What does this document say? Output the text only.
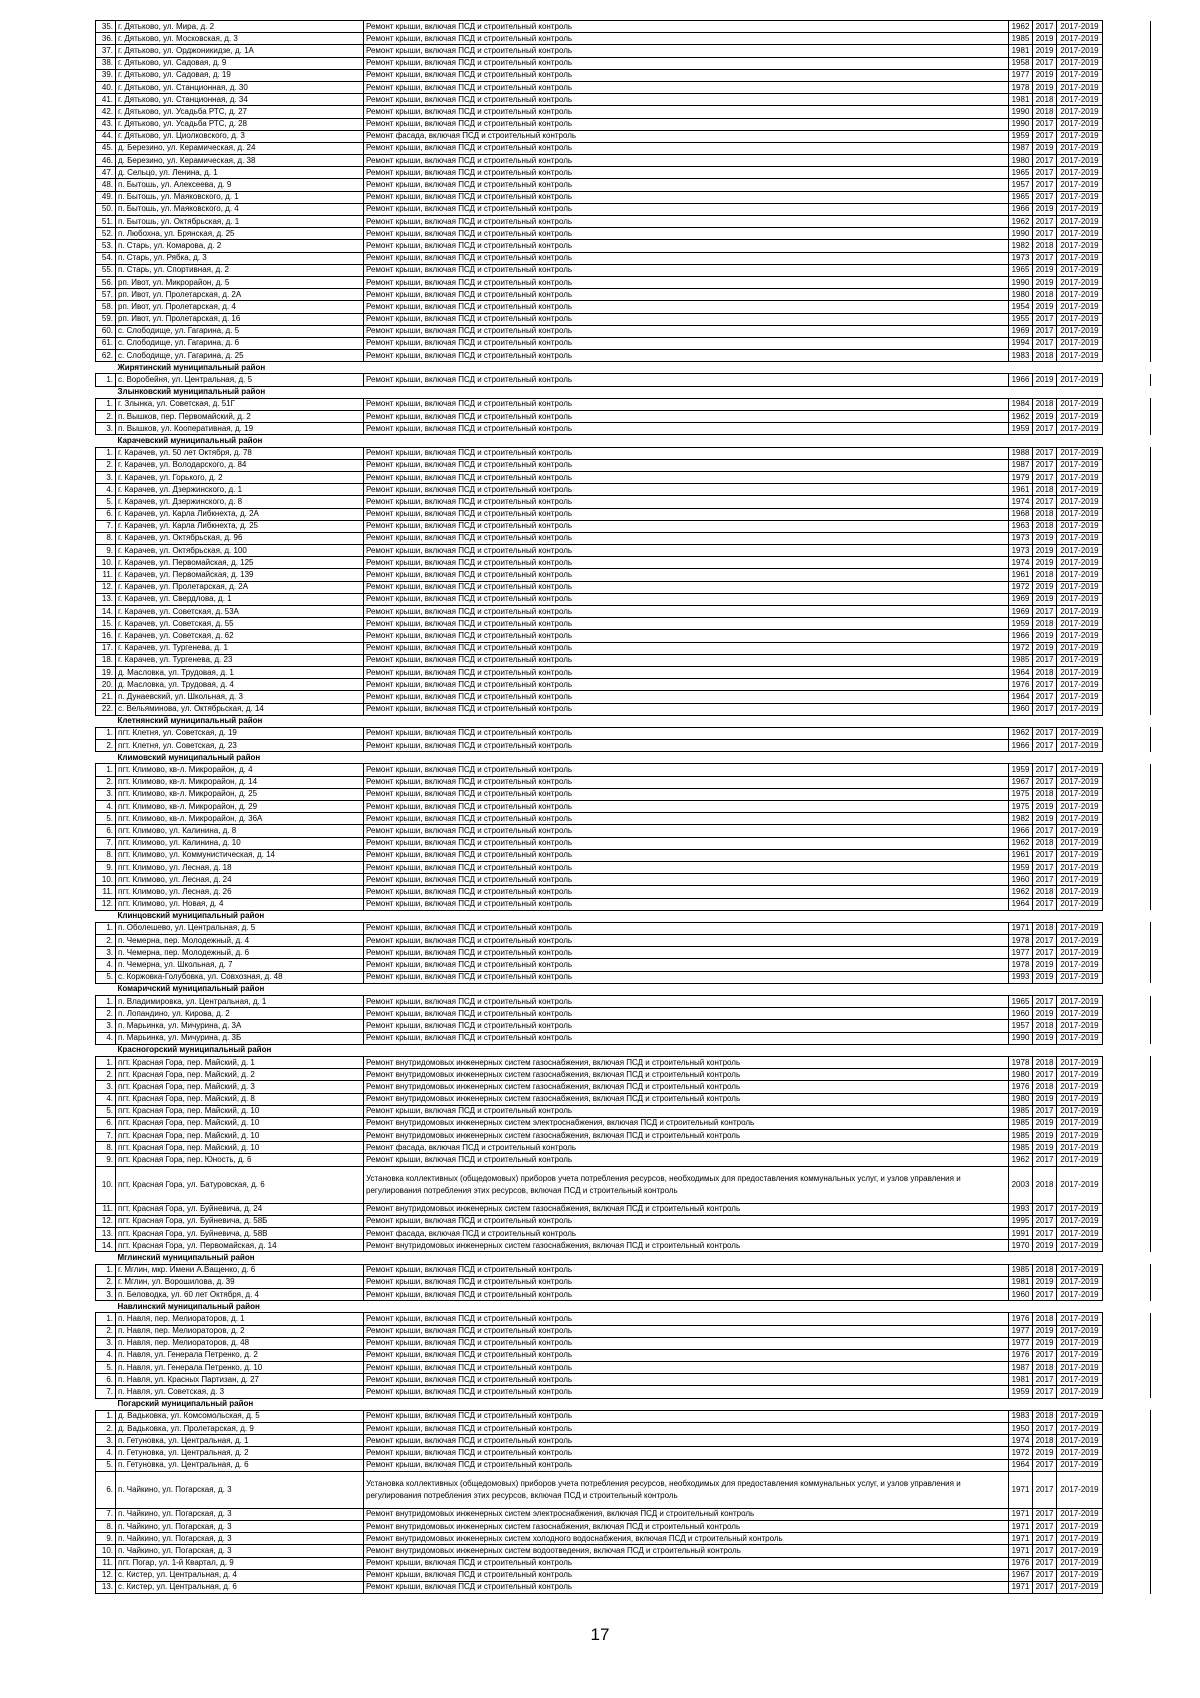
35.	г. Дятьково, ул. Мира, д. 2	Ремонт крыши, включая ПСД и строительный контроль	1962	2017	2017-2019	
36.	г. Дятьково, ул. Московская, д. 3	Ремонт крыши, включая ПСД и строительный контроль	1985	2019	2017-2019	
37.	г. Дятьково, ул. Орджоникидзе, д. 1А	Ремонт крыши, включая ПСД и строительный контроль	1981	2019	2017-2019	
38.	г. Дятьково, ул. Садовая, д. 9	Ремонт крыши, включая ПСД и строительный контроль	1958	2017	2017-2019	
39.	г. Дятьково, ул. Садовая, д. 19	Ремонт крыши, включая ПСД и строительный контроль	1977	2019	2017-2019	
40.	г. Дятьково, ул. Станционная, д. 30	Ремонт крыши, включая ПСД и строительный контроль	1978	2019	2017-2019	
41.	г. Дятьково, ул. Станционная, д. 34	Ремонт крыши, включая ПСД и строительный контроль	1981	2018	2017-2019	
42.	г. Дятьково, ул. Усадьба РТС, д. 27	Ремонт крыши, включая ПСД и строительный контроль	1990	2018	2017-2019	
43.	г. Дятьково, ул. Усадьба РТС, д. 28	Ремонт крыши, включая ПСД и строительный контроль	1990	2017	2017-2019	
44.	г. Дятьково, ул. Циолковского, д. 3	Ремонт фасада, включая ПСД и строительный контроль	1959	2017	2017-2019	
45.	д. Березино, ул. Керамическая, д. 24	Ремонт крыши, включая ПСД и строительный контроль	1987	2019	2017-2019	
46.	д. Березино, ул. Керамическая, д. 38	Ремонт крыши, включая ПСД и строительный контроль	1980	2017	2017-2019	
47.	д. Сельцо, ул. Ленина, д. 1	Ремонт крыши, включая ПСД и строительный контроль	1965	2017	2017-2019	
48.	п. Бытошь, ул. Алексеева, д. 9	Ремонт крыши, включая ПСД и строительный контроль	1957	2017	2017-2019	
49.	п. Бытошь, ул. Маяковского, д. 1	Ремонт крыши, включая ПСД и строительный контроль	1965	2017	2017-2019	
50.	п. Бытошь, ул. Маяковского, д. 4	Ремонт крыши, включая ПСД и строительный контроль	1966	2019	2017-2019	
51.	п. Бытошь, ул. Октябрьская, д. 1	Ремонт крыши, включая ПСД и строительный контроль	1962	2017	2017-2019	
52.	п. Любохна, ул. Брянская, д. 25	Ремонт крыши, включая ПСД и строительный контроль	1990	2017	2017-2019	
53.	п. Старь, ул. Комарова, д. 2	Ремонт крыши, включая ПСД и строительный контроль	1982	2018	2017-2019	
54.	п. Старь, ул. Рябка, д. 3	Ремонт крыши, включая ПСД и строительный контроль	1973	2017	2017-2019	
55.	п. Старь, ул. Спортивная, д. 2	Ремонт крыши, включая ПСД и строительный контроль	1965	2019	2017-2019	
56.	рп. Ивот, ул. Микрорайон, д. 5	Ремонт крыши, включая ПСД и строительный контроль	1990	2019	2017-2019	
57.	рп. Ивот, ул. Пролетарская, д. 2А	Ремонт крыши, включая ПСД и строительный контроль	1980	2018	2017-2019	
58.	рп. Ивот, ул. Пролетарская, д. 4	Ремонт крыши, включая ПСД и строительный контроль	1954	2019	2017-2019	
59.	рп. Ивот, ул. Пролетарская, д. 16	Ремонт крыши, включая ПСД и строительный контроль	1955	2017	2017-2019	
60.	с. Слободище, ул. Гагарина, д. 5	Ремонт крыши, включая ПСД и строительный контроль	1969	2017	2017-2019	
61.	с. Слободище, ул. Гагарина, д. 6	Ремонт крыши, включая ПСД и строительный контроль	1994	2017	2017-2019	
62.	с. Слободище, ул. Гагарина, д. 25	Ремонт крыши, включая ПСД и строительный контроль	1983	2018	2017-2019	
	Жирятинский муниципальный район					
1.	с. Воробейня, ул. Центральная, д. 5	Ремонт крыши, включая ПСД и строительный контроль	1966	2019	2017-2019	
	Злынковский муниципальный район					
1.	г. Злынка, ул. Советская, д. 51Г	Ремонт крыши, включая ПСД и строительный контроль	1984	2018	2017-2019	
2.	п. Вышков, пер. Первомайский, д. 2	Ремонт крыши, включая ПСД и строительный контроль	1962	2019	2017-2019	
3.	п. Вышков, ул. Кооперативная, д. 19	Ремонт крыши, включая ПСД и строительный контроль	1959	2017	2017-2019	
	Карачевский муниципальный район					
1.	г. Карачев, ул. 50 лет Октября, д. 78	Ремонт крыши, включая ПСД и строительный контроль	1988	2017	2017-2019	
2.	г. Карачев, ул. Володарского, д. 84	Ремонт крыши, включая ПСД и строительный контроль	1987	2017	2017-2019	
3.	г. Карачев, ул. Горького, д. 2	Ремонт крыши, включая ПСД и строительный контроль	1979	2017	2017-2019	
4.	г. Карачев, ул. Дзержинского, д. 1	Ремонт крыши, включая ПСД и строительный контроль	1961	2018	2017-2019	
5.	г. Карачев, ул. Дзержинского, д. 8	Ремонт крыши, включая ПСД и строительный контроль	1974	2017	2017-2019	
6.	г. Карачев, ул. Карла Либкнехта, д. 2А	Ремонт крыши, включая ПСД и строительный контроль	1968	2018	2017-2019	
7.	г. Карачев, ул. Карла Либкнехта, д. 25	Ремонт крыши, включая ПСД и строительный контроль	1963	2018	2017-2019	
8.	г. Карачев, ул. Октябрьская, д. 96	Ремонт крыши, включая ПСД и строительный контроль	1973	2019	2017-2019	
9.	г. Карачев, ул. Октябрьская, д. 100	Ремонт крыши, включая ПСД и строительный контроль	1973	2019	2017-2019	
10.	г. Карачев, ул. Первомайская, д. 125	Ремонт крыши, включая ПСД и строительный контроль	1974	2019	2017-2019	
11.	г. Карачев, ул. Первомайская, д. 139	Ремонт крыши, включая ПСД и строительный контроль	1961	2018	2017-2019	
12.	г. Карачев, ул. Пролетарская, д. 2А	Ремонт крыши, включая ПСД и строительный контроль	1972	2019	2017-2019	
13.	г. Карачев, ул. Свердлова, д. 1	Ремонт крыши, включая ПСД и строительный контроль	1969	2019	2017-2019	
14.	г. Карачев, ул. Советская, д. 53А	Ремонт крыши, включая ПСД и строительный контроль	1969	2017	2017-2019	
15.	г. Карачев, ул. Советская, д. 55	Ремонт крыши, включая ПСД и строительный контроль	1959	2018	2017-2019	
16.	г. Карачев, ул. Советская, д. 62	Ремонт крыши, включая ПСД и строительный контроль	1966	2019	2017-2019	
17.	г. Карачев, ул. Тургенева, д. 1	Ремонт крыши, включая ПСД и строительный контроль	1972	2019	2017-2019	
18.	г. Карачев, ул. Тургенева, д. 23	Ремонт крыши, включая ПСД и строительный контроль	1985	2017	2017-2019	
19.	д. Масловка, ул. Трудовая, д. 1	Ремонт крыши, включая ПСД и строительный контроль	1964	2018	2017-2019	
20.	д. Масловка, ул. Трудовая, д. 4	Ремонт крыши, включая ПСД и строительный контроль	1976	2017	2017-2019	
21.	п. Дунаевский, ул. Школьная, д. 3	Ремонт крыши, включая ПСД и строительный контроль	1964	2017	2017-2019	
22.	с. Вельяминова, ул. Октябрьская, д. 14	Ремонт крыши, включая ПСД и строительный контроль	1960	2017	2017-2019	
	Клетнянский муниципальный район					
1.	пгт. Клетня, ул. Советская, д. 19	Ремонт крыши, включая ПСД и строительный контроль	1962	2017	2017-2019	
2.	пгт. Клетня, ул. Советская, д. 23	Ремонт крыши, включая ПСД и строительный контроль	1966	2017	2017-2019	
	Климовский муниципальный район					
1.	пгт. Климово, кв-л. Микрорайон, д. 4	Ремонт крыши, включая ПСД и строительный контроль	1959	2017	2017-2019	
2.	пгт. Климово, кв-л. Микрорайон, д. 14	Ремонт крыши, включая ПСД и строительный контроль	1967	2017	2017-2019	
3.	пгт. Климово, кв-л. Микрорайон, д. 25	Ремонт крыши, включая ПСД и строительный контроль	1975	2018	2017-2019	
4.	пгт. Климово, кв-л. Микрорайон, д. 29	Ремонт крыши, включая ПСД и строительный контроль	1975	2019	2017-2019	
5.	пгт. Климово, кв-л. Микрорайон, д. 36А	Ремонт крыши, включая ПСД и строительный контроль	1982	2019	2017-2019	
6.	пгт. Климово, ул. Калинина, д. 8	Ремонт крыши, включая ПСД и строительный контроль	1966	2017	2017-2019	
7.	пгт. Климово, ул. Калинина, д. 10	Ремонт крыши, включая ПСД и строительный контроль	1962	2018	2017-2019	
8.	пгт. Климово, ул. Коммунистическая, д. 14	Ремонт крыши, включая ПСД и строительный контроль	1961	2017	2017-2019	
9.	пгт. Климово, ул. Лесная, д. 18	Ремонт крыши, включая ПСД и строительный контроль	1959	2017	2017-2019	
10.	пгт. Климово, ул. Лесная, д. 24	Ремонт крыши, включая ПСД и строительный контроль	1960	2017	2017-2019	
11.	пгт. Климово, ул. Лесная, д. 26	Ремонт крыши, включая ПСД и строительный контроль	1962	2018	2017-2019	
12.	пгт. Климово, ул. Новая, д. 4	Ремонт крыши, включая ПСД и строительный контроль	1964	2017	2017-2019	
	Клинцовский муниципальный район					
1.	п. Оболешево, ул. Центральная, д. 5	Ремонт крыши, включая ПСД и строительный контроль	1971	2018	2017-2019	
2.	п. Чемерна, пер. Молодежный, д. 4	Ремонт крыши, включая ПСД и строительный контроль	1978	2017	2017-2019	
3.	п. Чемерна, пер. Молодежный, д. 6	Ремонт крыши, включая ПСД и строительный контроль	1977	2017	2017-2019	
4.	п. Чемерна, ул. Школьная, д. 7	Ремонт крыши, включая ПСД и строительный контроль	1978	2019	2017-2019	
5.	с. Коржовка-Голубовка, ул. Совхозная, д. 48	Ремонт крыши, включая ПСД и строительный контроль	1993	2019	2017-2019	
	Комаричский муниципальный район					
1.	п. Владимировка, ул. Центральная, д. 1	Ремонт крыши, включая ПСД и строительный контроль	1965	2017	2017-2019	
2.	п. Лопандино, ул. Кирова, д. 2	Ремонт крыши, включая ПСД и строительный контроль	1960	2019	2017-2019	
3.	п. Марьинка, ул. Мичурина, д. 3А	Ремонт крыши, включая ПСД и строительный контроль	1957	2018	2017-2019	
4.	п. Марьинка, ул. Мичурина, д. 3Б	Ремонт крыши, включая ПСД и строительный контроль	1990	2019	2017-2019	
	Красногорский муниципальный район					
1.	пгт. Красная Гора, пер. Майский, д. 1	Ремонт внутридомовых инженерных систем газоснабжения, включая ПСД и строительный контроль	1978	2018	2017-2019	
2.	пгт. Красная Гора, пер. Майский, д. 2	Ремонт внутридомовых инженерных систем газоснабжения, включая ПСД и строительный контроль	1980	2017	2017-2019	
3.	пгт. Красная Гора, пер. Майский, д. 3	Ремонт внутридомовых инженерных систем газоснабжения, включая ПСД и строительный контроль	1976	2018	2017-2019	
4.	пгт. Красная Гора, пер. Майский, д. 8	Ремонт внутридомовых инженерных систем газоснабжения, включая ПСД и строительный контроль	1980	2019	2017-2019	
5.	пгт. Красная Гора, пер. Майский, д. 10	Ремонт крыши, включая ПСД и строительный контроль	1985	2017	2017-2019	
6.	пгт. Красная Гора, пер. Майский, д. 10	Ремонт внутридомовых инженерных систем электроснабжения, включая ПСД и строительный контроль	1985	2019	2017-2019	
7.	пгт. Красная Гора, пер. Майский, д. 10	Ремонт внутридомовых инженерных систем газоснабжения, включая ПСД и строительный контроль	1985	2019	2017-2019	
8.	пгт. Красная Гора, пер. Майский, д. 10	Ремонт фасада, включая ПСД и строительный контроль	1985	2019	2017-2019	
9.	пгт. Красная Гора, пер. Юность, д. 6	Ремонт крыши, включая ПСД и строительный контроль	1962	2017	2017-2019	
10.	пгт. Красная Гора, ул. Батуровская, д. 6	Установка коллективных (общедомовых) приборов учета потребления ресурсов, необходимых для предоставления коммунальных услуг, и узлов управления и регулирования потребления этих ресурсов, включая ПСД и строительный контроль	2003	2018	2017-2019	
11.	пгт. Красная Гора, ул. Буйневича, д. 24	Ремонт внутридомовых инженерных систем газоснабжения, включая ПСД и строительный контроль	1993	2017	2017-2019	
12.	пгт. Красная Гора, ул. Буйневича, д. 58Б	Ремонт крыши, включая ПСД и строительный контроль	1995	2017	2017-2019	
13.	пгт. Красная Гора, ул. Буйневича, д. 58В	Ремонт фасада, включая ПСД и строительный контроль	1991	2017	2017-2019	
14.	пгт. Красная Гора, ул. Первомайская, д. 14	Ремонт внутридомовых инженерных систем газоснабжения, включая ПСД и строительный контроль	1970	2019	2017-2019	
	Мглинский муниципальный район					
1.	г. Мглин, мкр. Имени А.Ващенко, д. 6	Ремонт крыши, включая ПСД и строительный контроль	1985	2018	2017-2019	
2.	г. Мглин, ул. Ворошилова, д. 39	Ремонт крыши, включая ПСД и строительный контроль	1981	2019	2017-2019	
3.	п. Беловодка, ул. 60 лет Октября, д. 4	Ремонт крыши, включая ПСД и строительный контроль	1960	2017	2017-2019	
	Навлинский муниципальный район					
1.	п. Навля, пер. Мелиораторов, д. 1	Ремонт крыши, включая ПСД и строительный контроль	1976	2018	2017-2019	
2.	п. Навля, пер. Мелиораторов, д. 2	Ремонт крыши, включая ПСД и строительный контроль	1977	2019	2017-2019	
3.	п. Навля, пер. Мелиораторов, д. 48	Ремонт крыши, включая ПСД и строительный контроль	1977	2019	2017-2019	
4.	п. Навля, ул. Генерала Петренко, д. 2	Ремонт крыши, включая ПСД и строительный контроль	1976	2017	2017-2019	
5.	п. Навля, ул. Генерала Петренко, д. 10	Ремонт крыши, включая ПСД и строительный контроль	1987	2018	2017-2019	
6.	п. Навля, ул. Красных Партизан, д. 27	Ремонт крыши, включая ПСД и строительный контроль	1981	2017	2017-2019	
7.	п. Навля, ул. Советская, д. 3	Ремонт крыши, включая ПСД и строительный контроль	1959	2017	2017-2019	
	Погарский муниципальный район					
1.	д. Вадьковка, ул. Комсомольская, д. 5	Ремонт крыши, включая ПСД и строительный контроль	1983	2018	2017-2019	
2.	д. Вадьковка, ул. Пролетарская, д. 9	Ремонт крыши, включая ПСД и строительный контроль	1950	2017	2017-2019	
3.	п. Гетуновка, ул. Центральная, д. 1	Ремонт крыши, включая ПСД и строительный контроль	1974	2018	2017-2019	
4.	п. Гетуновка, ул. Центральная, д. 2	Ремонт крыши, включая ПСД и строительный контроль	1972	2019	2017-2019	
5.	п. Гетуновка, ул. Центральная, д. 6	Ремонт крыши, включая ПСД и строительный контроль	1964	2017	2017-2019	
6.	п. Чайкино, ул. Погарская, д. 3	Установка коллективных (общедомовых) приборов учета потребления ресурсов, необходимых для предоставления коммунальных услуг, и узлов управления и регулирования потребления этих ресурсов, включая ПСД и строительный контроль	1971	2017	2017-2019	
7.	п. Чайкино, ул. Погарская, д. 3	Ремонт внутридомовых инженерных систем электроснабжения, включая ПСД и строительный контроль	1971	2017	2017-2019	
8.	п. Чайкино, ул. Погарская, д. 3	Ремонт внутридомовых инженерных систем газоснабжения, включая ПСД и строительный контроль	1971	2017	2017-2019	
9.	п. Чайкино, ул. Погарская, д. 3	Ремонт внутридомовых инженерных систем холодного водоснабжения, включая ПСД и строительный контроль	1971	2017	2017-2019	
10.	п. Чайкино, ул. Погарская, д. 3	Ремонт внутридомовых инженерных систем водоотведения, включая ПСД и строительный контроль	1971	2017	2017-2019	
11.	пгт. Погар, ул. 1-й Квартал, д. 9	Ремонт крыши, включая ПСД и строительный контроль	1976	2017	2017-2019	
12.	с. Кистер, ул. Центральная, д. 4	Ремонт крыши, включая ПСД и строительный контроль	1967	2017	2017-2019	
13.	с. Кистер, ул. Центральная, д. 6	Ремонт крыши, включая ПСД и строительный контроль	1971	2017	2017-2019	
17
